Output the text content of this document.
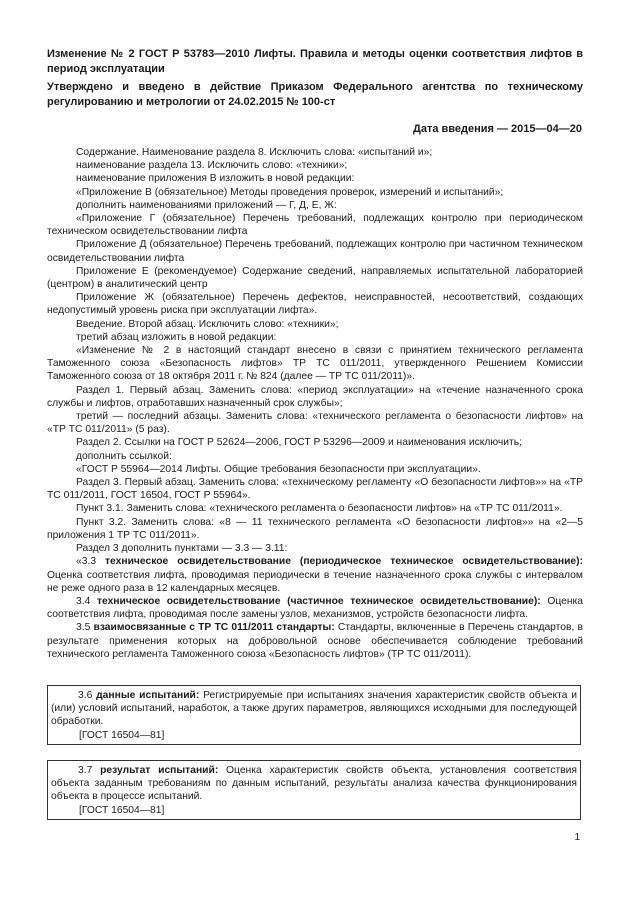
Изменение № 2 ГОСТ Р 53783—2010 Лифты. Правила и методы оценки соответствия лифтов в период эксплуатации
Утверждено и введено в действие Приказом Федерального агентства по техническому регулированию и метрологии от 24.02.2015 № 100-ст
Дата введения — 2015—04—20

Содержание. Наименование раздела 8. Исключить слова: «испытаний и»;

наименование раздела 13. Исключить слово: «техники»;

наименование приложения В изложить в новой редакции:

«Приложение В (обязательное) Методы проведения проверок, измерений и испытаний»;

дополнить наименованиями приложений — Г, Д, Е, Ж:

«Приложение Г (обязательное) Перечень требований, подлежащих контролю при периодическом техническом освидетельствовании лифта

Приложение Д (обязательное) Перечень требований, подлежащих контролю при частичном техническом освидетельствовании лифта

Приложение Е (рекомендуемое) Содержание сведений, направляемых испытательной лабораторией (центром) в аналитический центр

Приложение Ж (обязательное) Перечень дефектов, неисправностей, несоответствий, создающих недопустимый уровень риска при эксплуатации лифта».

Введение. Второй абзац. Исключить слово: «техники»;

третий абзац изложить в новой редакции:

«Изменение № 2 в настоящий стандарт внесено в связи с принятием технического регламента Таможенного союза «Безопасность лифтов» ТР ТС 011/2011, утвержденного Решением Комиссии Таможенного союза от 18 октября 2011 г. № 824 (далее — ТР ТС 011/2011)».

Раздел 1. Первый абзац. Заменить слова: «период эксплуатации» на «течение назначенного срока службы и лифтов, отработавших назначенный срок службы»;

третий — последний абзацы. Заменить слова: «технического регламента о безопасности лифтов» на «ТР ТС 011/2011» (5 раз).

Раздел 2. Ссылки на ГОСТ Р 52624—2006, ГОСТ Р 53296—2009 и наименования исключить;

дополнить ссылкой:

«ГОСТ Р 55964—2014 Лифты. Общие требования безопасности при эксплуатации».

Раздел 3. Первый абзац. Заменить слова: «техническому регламенту «О безопасности лифтов»» на «ТР ТС 011/2011, ГОСТ 16504, ГОСТ Р 55964».

Пункт 3.1. Заменить слова: «технического регламента о безопасности лифтов» на «ТР ТС 011/2011».

Пункт 3.2. Заменить слова: «8 — 11 технического регламента «О безопасности лифтов»» на «2—5 приложения 1 ТР ТС 011/2011».

Раздел 3 дополнить пунктами — 3.3 — 3.11:

«3.3 техническое освидетельствование (периодическое техническое освидетельствование): Оценка соответствия лифта, проводимая периодически в течение назначенного срока службы с интервалом не реже одного раза в 12 календарных месяцев.

3.4 техническое освидетельствование (частичное техническое освидетельствование): Оценка соответствия лифта, проводимая после замены узлов, механизмов, устройств безопасности лифта.

3.5 взаимосвязанные с ТР ТС 011/2011 стандарты: Стандарты, включенные в Перечень стандартов, в результате применения которых на добровольной основе обеспечивается соблюдение требований технического регламента Таможенного союза «Безопасность лифтов» (ТР ТС 011/2011).

3.6 данные испытаний: Регистрируемые при испытаниях значения характеристик свойств объекта и (или) условий испытаний, наработок, а также других параметров, являющихся исходными для последующей обработки.

[ГОСТ 16504—81]

3.7 результат испытаний: Оценка характеристик свойств объекта, установления соответствия объекта заданным требованиям по данным испытаний, результаты анализа качества функционирования объекта в процессе испытаний.

[ГОСТ 16504—81]

1
